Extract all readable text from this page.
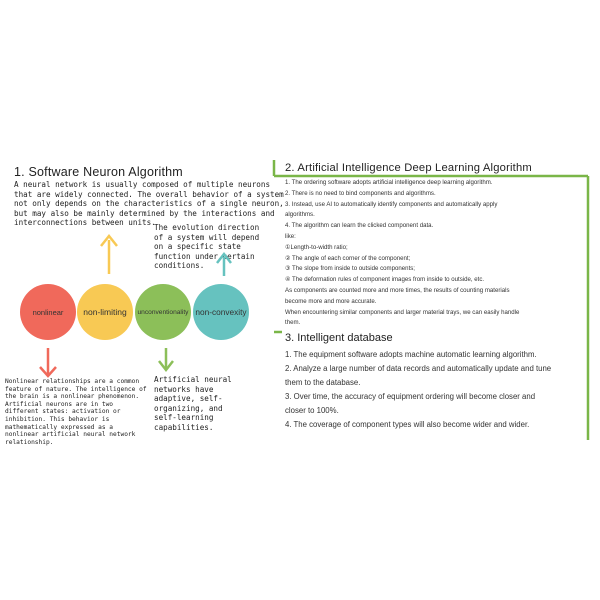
1. Software Neuron Algorithm
A neural network is usually composed of multiple neurons that are widely connected. The overall behavior of a system not only depends on the characteristics of a single neuron, but may also be mainly determined by the interactions and interconnections between units.
The evolution direction of a system will depend on a specific state function under certain conditions.
nonlinear non-limiting unconventionality non-convexity
Nonlinear relationships are a common feature of nature. The intelligence of the brain is a nonlinear phenomenon. Artificial neurons are in two different states: activation or inhibition. This behavior is mathematically expressed as a nonlinear artificial neural network relationship.
Artificial neural networks have adaptive, self-organizing, and self-learning capabilities.
2. Artificial Intelligence Deep Learning Algorithm
1. The ordering software adopts artificial intelligence deep learning algorithm.
2. There is no need to bind components and algorithms.
3. Instead, use AI to automatically identify components and automatically apply
algorithms.
4. The algorithm can learn the clicked component data.
like:
①Length-to-width ratio;
② The angle of each corner of the component;
③ The slope from inside to outside components;
④ The deformation rules of component images from inside to outside, etc.
As components are counted more and more times, the results of counting materials
become more and more accurate.
When encountering similar components and larger material trays, we can easily handle
them.
3. Intelligent database
1. The equipment software adopts machine automatic learning algorithm.
2. Analyze a large number of data records and automatically update and tune
them to the database.
3. Over time, the accuracy of equipment ordering will become closer and
closer to 100%.
4. The coverage of component types will also become wider and wider.
